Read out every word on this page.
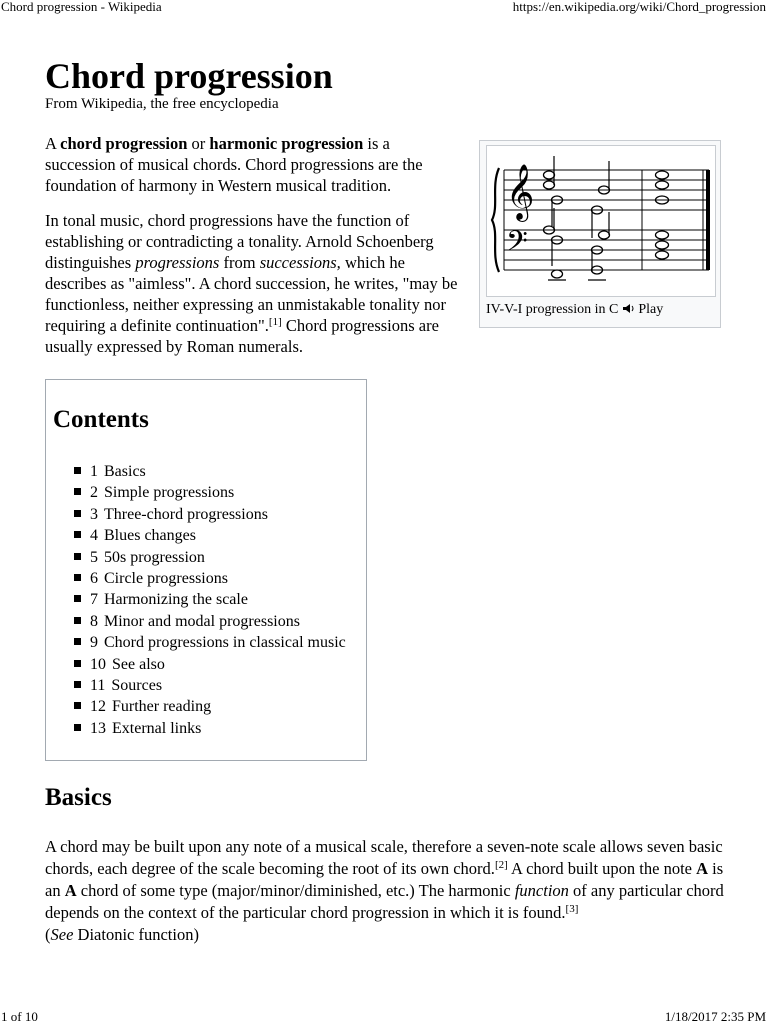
Chord progression - Wikipedia	https://en.wikipedia.org/wiki/Chord_progression
Chord progression
From Wikipedia, the free encyclopedia

A chord progression or harmonic progression is a succession of musical chords. Chord progressions are the foundation of harmony in Western musical tradition.

In tonal music, chord progressions have the function of establishing or contradicting a tonality. Arnold Schoenberg distinguishes progressions from successions, which he describes as "aimless". A chord succession, he writes, "may be functionless, neither expressing an unmistakable tonality nor requiring a definite continuation".[1] Chord progressions are usually expressed by Roman numerals.

𝄞
𝄢
IV-V-I progression in C Play
Contents
1 Basics
2 Simple progressions
3 Three-chord progressions
4 Blues changes
5 50s progression
6 Circle progressions
7 Harmonizing the scale
8 Minor and modal progressions
9 Chord progressions in classical music
10 See also
11 Sources
12 Further reading
13 External links
Basics
A chord may be built upon any note of a musical scale, therefore a seven-note scale allows seven basic chords, each degree of the scale becoming the root of its own chord.[2] A chord built upon the note A is an A chord of some type (major/minor/diminished, etc.) The harmonic function of any particular chord depends on the context of the particular chord progression in which it is found.[3]
(See Diatonic function)
1 of 10	1/18/2017 2:35 PM
